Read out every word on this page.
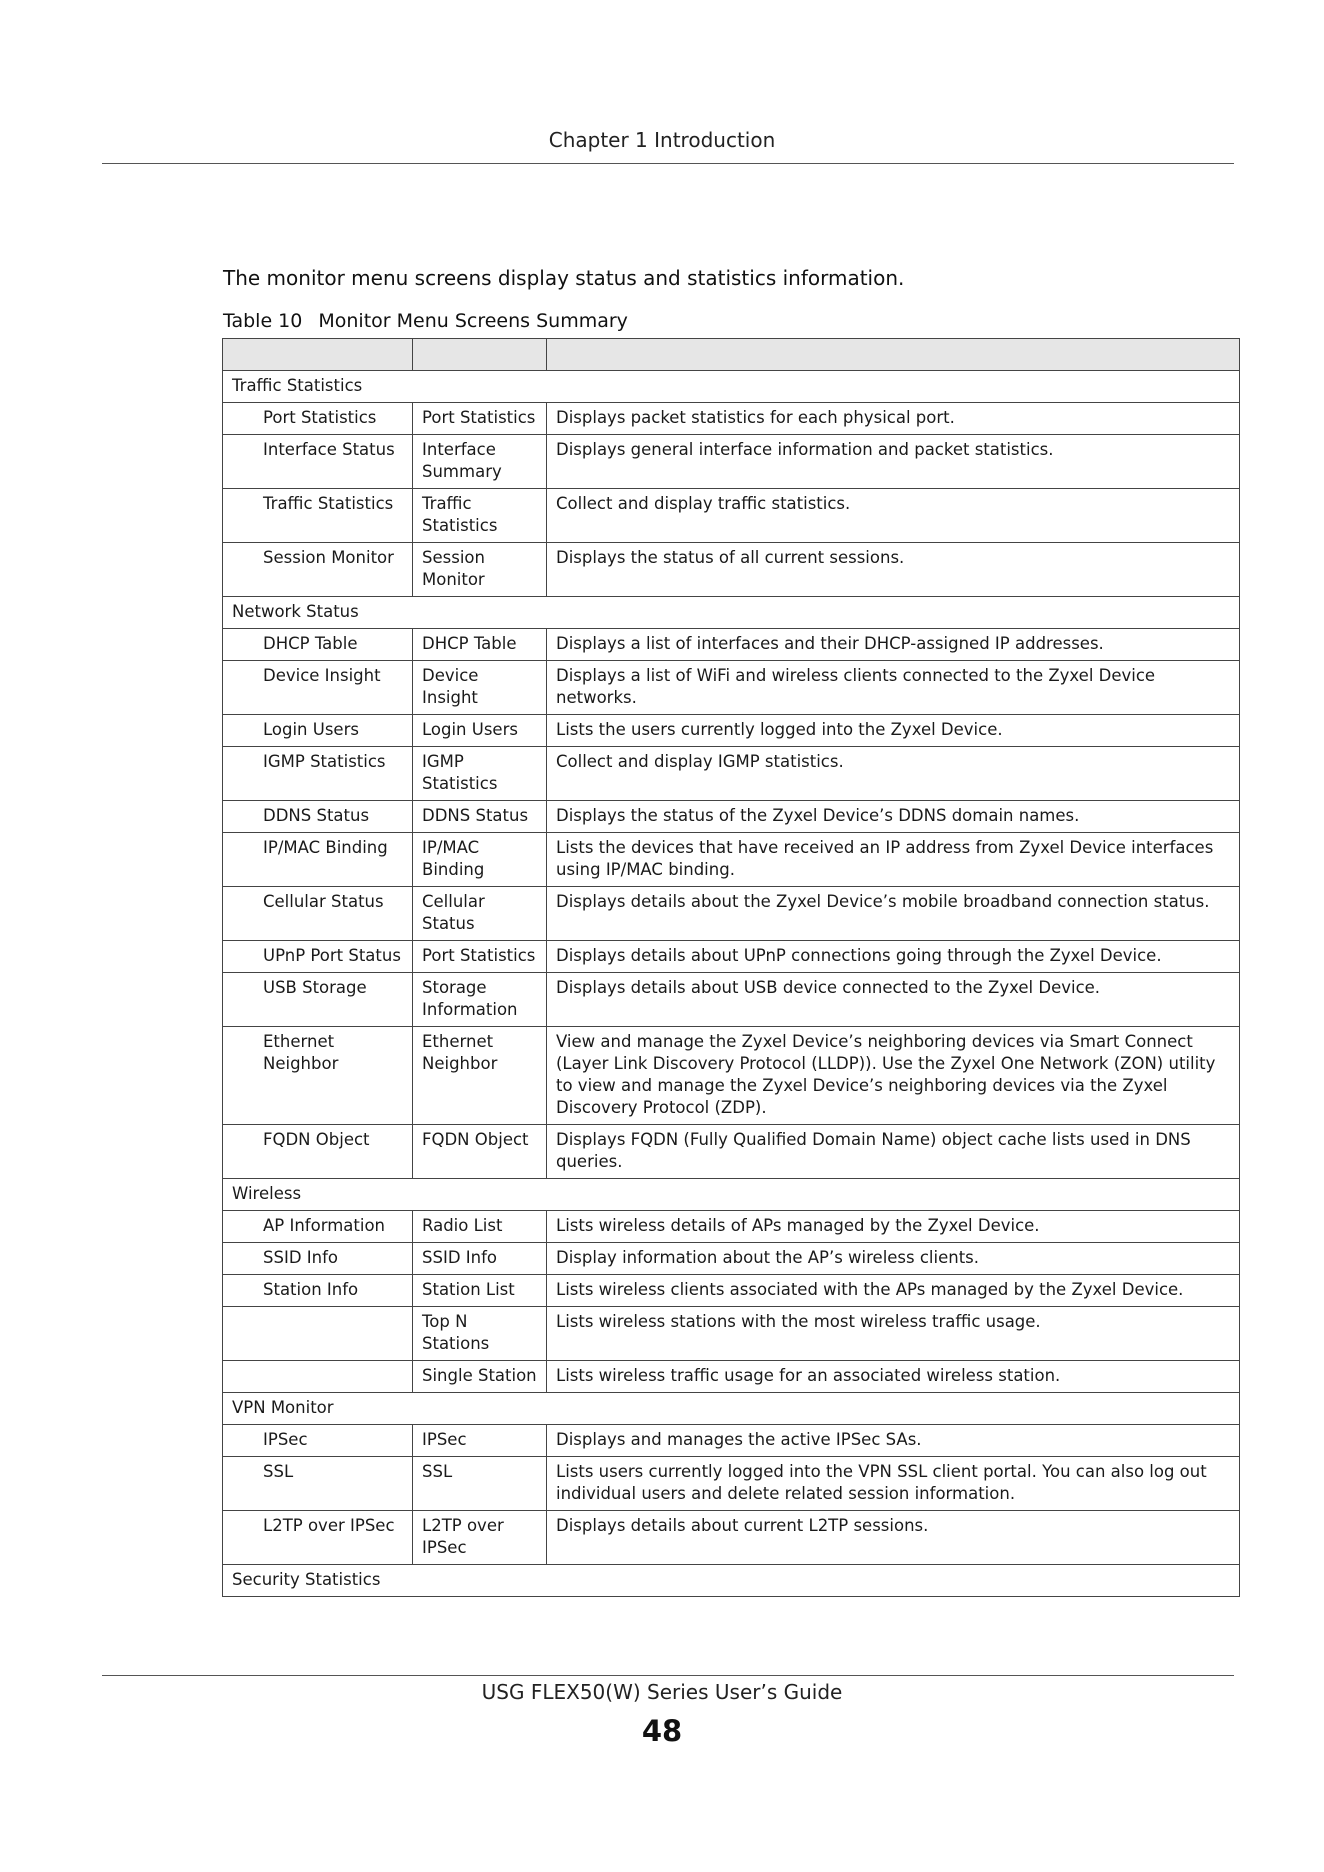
Chapter 1 Introduction
The monitor menu screens display status and statistics information.
Table 10 Monitor Menu Screens Summary

Traffic Statistics		
Port Statistics	Port Statistics	Displays packet statistics for each physical port.
Interface Status	Interface Summary	Displays general interface information and packet statistics.
Traffic Statistics	Traffic Statistics	Collect and display traffic statistics.
Session Monitor	Session Monitor	Displays the status of all current sessions.
Network Status		
DHCP Table	DHCP Table	Displays a list of interfaces and their DHCP-assigned IP addresses.
Device Insight	Device Insight	Displays a list of WiFi and wireless clients connected to the Zyxel Device networks.
Login Users	Login Users	Lists the users currently logged into the Zyxel Device.
IGMP Statistics	IGMP Statistics	Collect and display IGMP statistics.
DDNS Status	DDNS Status	Displays the status of the Zyxel Device’s DDNS domain names.
IP/MAC Binding	IP/MAC Binding	Lists the devices that have received an IP address from Zyxel Device interfaces using IP/MAC binding.
Cellular Status	Cellular Status	Displays details about the Zyxel Device’s mobile broadband connection status.
UPnP Port Status	Port Statistics	Displays details about UPnP connections going through the Zyxel Device.
USB Storage	Storage Information	Displays details about USB device connected to the Zyxel Device.
Ethernet Neighbor	Ethernet Neighbor	View and manage the Zyxel Device’s neighboring devices via Smart Connect (Layer Link Discovery Protocol (LLDP)). Use the Zyxel One Network (ZON) utility to view and manage the Zyxel Device’s neighboring devices via the Zyxel Discovery Protocol (ZDP).
FQDN Object	FQDN Object	Displays FQDN (Fully Qualified Domain Name) object cache lists used in DNS queries.
Wireless		
AP Information	Radio List	Lists wireless details of APs managed by the Zyxel Device.
SSID Info	SSID Info	Display information about the AP’s wireless clients.
Station Info	Station List	Lists wireless clients associated with the APs managed by the Zyxel Device.
	Top N Stations	Lists wireless stations with the most wireless traffic usage.
	Single Station	Lists wireless traffic usage for an associated wireless station.
VPN Monitor		
IPSec	IPSec	Displays and manages the active IPSec SAs.
SSL	SSL	Lists users currently logged into the VPN SSL client portal. You can also log out individual users and delete related session information.
L2TP over IPSec	L2TP over IPSec	Displays details about current L2TP sessions.
Security Statistics		
USG FLEX50(W) Series User’s Guide
48
